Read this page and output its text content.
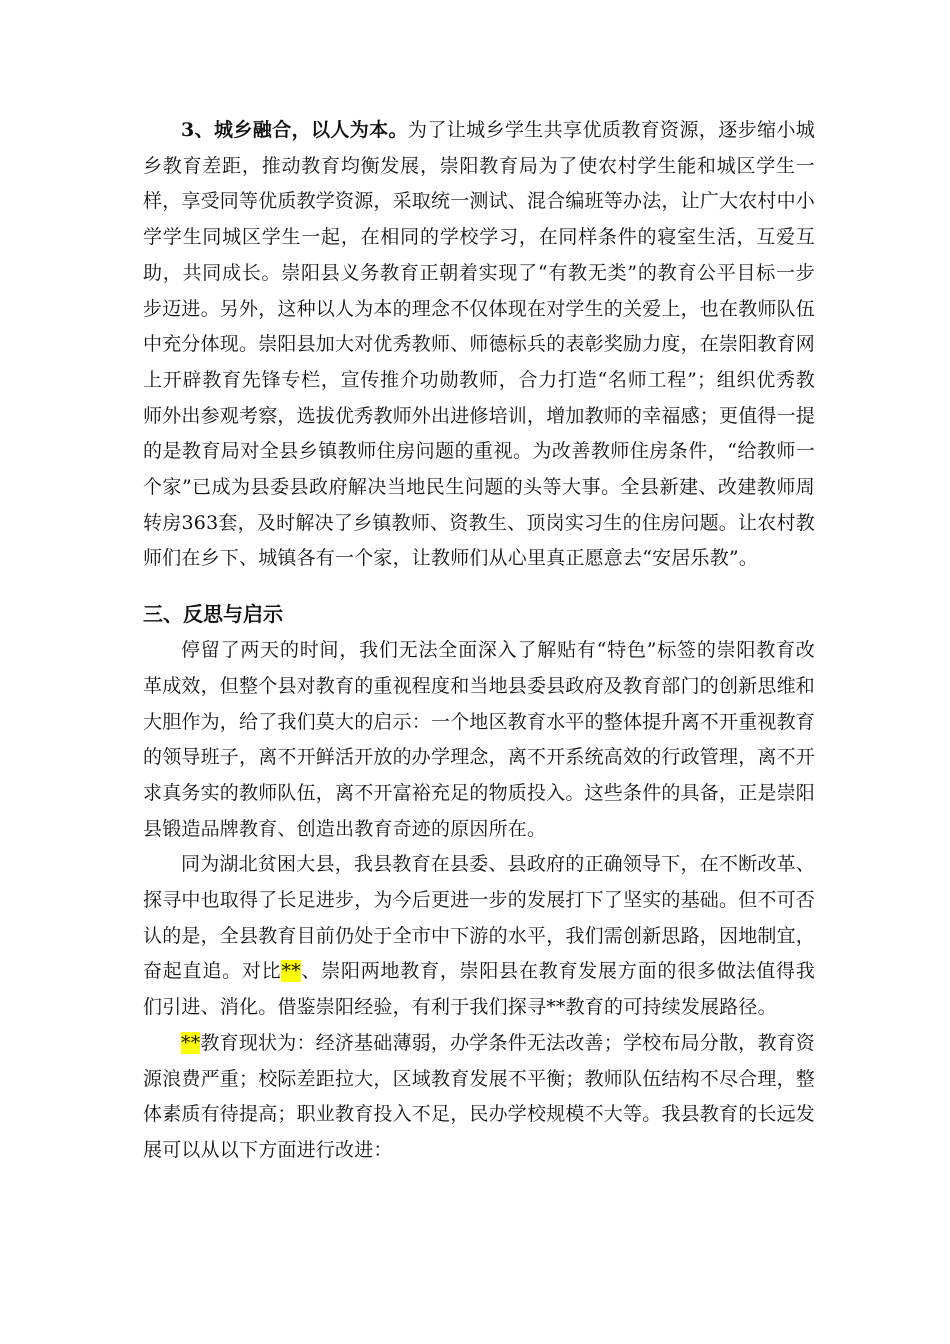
3、城乡融合，以人为本。为了让城乡学生共享优质教育资源，逐步缩小城乡教育差距，推动教育均衡发展，崇阳教育局为了使农村学生能和城区学生一样，享受同等优质教学资源，采取统一测试、混合编班等办法，让广大农村中小学学生同城区学生一起，在相同的学校学习，在同样条件的寝室生活，互爱互助，共同成长。崇阳县义务教育正朝着实现了“有教无类”的教育公平目标一步步迈进。另外，这种以人为本的理念不仅体现在对学生的关爱上，也在教师队伍中充分体现。崇阳县加大对优秀教师、师德标兵的表彰奖励力度，在崇阳教育网上开辟教育先锋专栏，宣传推介功勋教师，合力打造“名师工程”；组织优秀教师外出参观考察，选拔优秀教师外出进修培训，增加教师的幸福感；更值得一提的是教育局对全县乡镇教师住房问题的重视。为改善教师住房条件，“给教师一个家”已成为县委县政府解决当地民生问题的头等大事。全县新建、改建教师周转房363套，及时解决了乡镇教师、资教生、顶岗实习生的住房问题。让农村教师们在乡下、城镇各有一个家，让教师们从心里真正愿意去“安居乐教”。

三、反思与启示

停留了两天的时间，我们无法全面深入了解贴有“特色”标签的崇阳教育改革成效，但整个县对教育的重视程度和当地县委县政府及教育部门的创新思维和大胆作为，给了我们莫大的启示：一个地区教育水平的整体提升离不开重视教育的领导班子，离不开鲜活开放的办学理念，离不开系统高效的行政管理，离不开求真务实的教师队伍，离不开富裕充足的物质投入。这些条件的具备，正是崇阳县锻造品牌教育、创造出教育奇迹的原因所在。

同为湖北贫困大县，我县教育在县委、县政府的正确领导下，在不断改革、探寻中也取得了长足进步，为今后更进一步的发展打下了坚实的基础。但不可否认的是，全县教育目前仍处于全市中下游的水平，我们需创新思路，因地制宜，奋起直追。对比**、崇阳两地教育，崇阳县在教育发展方面的很多做法值得我们引进、消化。借鉴崇阳经验，有利于我们探寻**教育的可持续发展路径。

**教育现状为：经济基础薄弱，办学条件无法改善；学校布局分散，教育资源浪费严重；校际差距拉大，区域教育发展不平衡；教师队伍结构不尽合理，整体素质有待提高；职业教育投入不足，民办学校规模不大等。我县教育的长远发展可以从以下方面进行改进：
